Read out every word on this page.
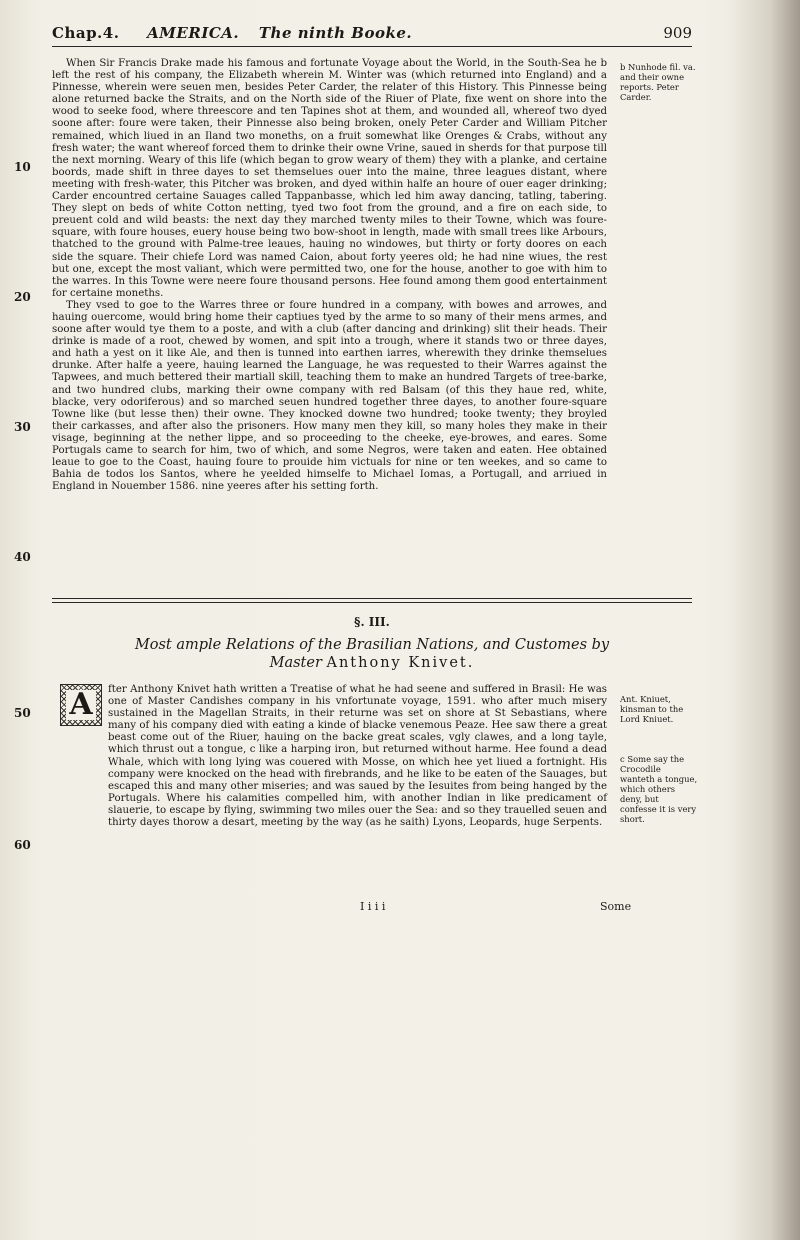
Chap.4. AMERICA. The ninth Booke.	909
10
20
30
40
50
60

When Sir Francis Drake made his famous and fortunate Voyage about the World, in the South-Sea he b left the rest of his company, the Elizabeth wherein M. Winter was (which returned into England) and a Pinnesse, wherein were seuen men, besides Peter Carder, the relater of this History. This Pinnesse being alone returned backe the Straits, and on the North side of the Riuer of Plate, fixe went on shore into the wood to seeke food, where threescore and ten Tapines shot at them, and wounded all, whereof two dyed soone after: foure were taken, their Pinnesse also being broken, onely Peter Carder and William Pitcher remained, which liued in an Iland two moneths, on a fruit somewhat like Orenges & Crabs, without any fresh water; the want whereof forced them to drinke their owne Vrine, saued in sherds for that purpose till the next morning. Weary of this life (which began to grow weary of them) they with a planke, and certaine boords, made shift in three dayes to set themselues ouer into the maine, three leagues distant, where meeting with fresh-water, this Pitcher was broken, and dyed within halfe an houre of ouer eager drinking; Carder encountred certaine Sauages called Tappanbasse, which led him away dancing, tatling, tabering. They slept on beds of white Cotton netting, tyed two foot from the ground, and a fire on each side, to preuent cold and wild beasts: the next day they marched twenty miles to their Towne, which was foure-square, with foure houses, euery house being two bow-shoot in length, made with small trees like Arbours, thatched to the ground with Palme-tree leaues, hauing no windowes, but thirty or forty doores on each side the square. Their chiefe Lord was named Caion, about forty yeeres old; he had nine wiues, the rest but one, except the most valiant, which were permitted two, one for the house, another to goe with him to the warres. In this Towne were neere foure thousand persons. Hee found among them good entertainment for certaine moneths.

They vsed to goe to the Warres three or foure hundred in a company, with bowes and arrowes, and hauing ouercome, would bring home their captiues tyed by the arme to so many of their mens armes, and soone after would tye them to a poste, and with a club (after dancing and drinking) slit their heads. Their drinke is made of a root, chewed by women, and spit into a trough, where it stands two or three dayes, and hath a yest on it like Ale, and then is tunned into earthen iarres, wherewith they drinke themselues drunke. After halfe a yeere, hauing learned the Language, he was requested to their Warres against the Tapwees, and much bettered their martiall skill, teaching them to make an hundred Targets of tree-barke, and two hundred clubs, marking their owne company with red Balsam (of this they haue red, white, blacke, very odoriferous) and so marched seuen hundred together three dayes, to another foure-square Towne like (but lesse then) their owne. They knocked downe two hundred; tooke twenty; they broyled their carkasses, and after also the prisoners. How many men they kill, so many holes they make in their visage, beginning at the nether lippe, and so proceeding to the cheeke, eye-browes, and eares. Some Portugals came to search for him, two of which, and some Negros, were taken and eaten. Hee obtained leaue to goe to the Coast, hauing foure to prouide him victuals for nine or ten weekes, and so came to Bahia de todos los Santos, where he yeelded himselfe to Michael Iomas, a Portugall, and arriued in England in Nouember 1586. nine yeeres after his setting forth.

b Nunhode fil. va. and their owne reports. Peter Carder.
§. III.
Most ample Relations of the Brasilian Nations, and Customes by
Master Anthony Knivet.
A fter Anthony Knivet hath written a Treatise of what he had seene and suffered in Brasil: He was one of Master Candishes company in his vnfortunate voyage, 1591. who after much misery sustained in the Magellan Straits, in their returne was set on shore at St Sebastians, where many of his company died with eating a kinde of blacke venemous Peaze. Hee saw there a great beast come out of the Riuer, hauing on the backe great scales, vgly clawes, and a long tayle, which thrust out a tongue, c like a harping iron, but returned without harme. Hee found a dead Whale, which with long lying was couered with Mosse, on which hee yet liued a fortnight. His company were knocked on the head with firebrands, and he like to be eaten of the Sauages, but escaped this and many other miseries; and was saued by the Iesuites from being hanged by the Portugals. Where his calamities compelled him, with another Indian in like predicament of slauerie, to escape by flying, swimming two miles ouer the Sea: and so they trauelled seuen and thirty dayes thorow a desart, meeting by the way (as he saith) Lyons, Leopards, huge Serpents.

Ant. Kniuet, kinsman to the Lord Kniuet.
c Some say the Crocodile wanteth a tongue, which others deny, but confesse it is very short.
I i i i	Some
